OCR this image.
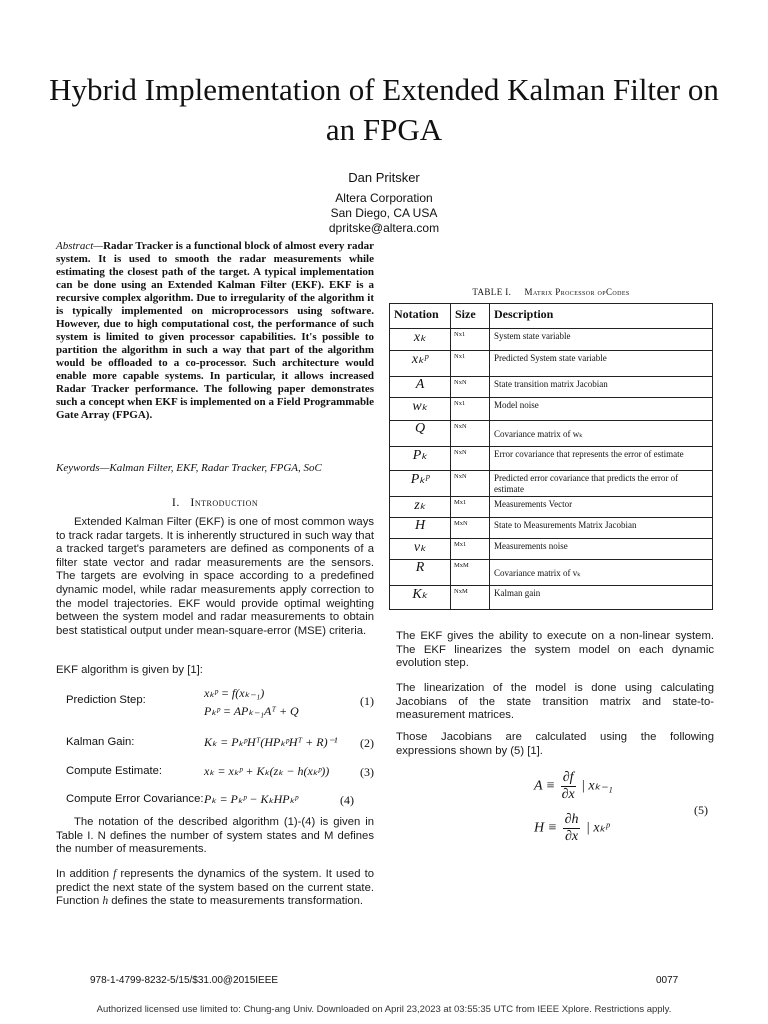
Hybrid Implementation of Extended Kalman Filter on an FPGA
Dan Pritsker
Altera Corporation
San Diego, CA USA
dpritske@altera.com
Abstract—Radar Tracker is a functional block of almost every radar system. It is used to smooth the radar measurements while estimating the closest path of the target. A typical implementation can be done using an Extended Kalman Filter (EKF). EKF is a recursive complex algorithm. Due to irregularity of the algorithm it is typically implemented on microprocessors using software. However, due to high computational cost, the performance of such system is limited to given processor capabilities. It's possible to partition the algorithm in such a way that part of the algorithm would be offloaded to a co-processor. Such architecture would enable more capable systems. In particular, it allows increased Radar Tracker performance. The following paper demonstrates such a concept when EKF is implemented on a Field Programmable Gate Array (FPGA).
Keywords—Kalman Filter, EKF, Radar Tracker, FPGA, SoC
I. Introduction
Extended Kalman Filter (EKF) is one of most common ways to track radar targets. It is inherently structured in such way that a tracked target's parameters are defined as components of a filter state vector and radar measurements are the sensors. The targets are evolving in space according to a predefined dynamic model, while radar measurements apply correction to the model trajectories. EKF would provide optimal weighting between the system model and radar measurements to obtain best statistical output under mean-square-error (MSE) criteria.
EKF algorithm is given by [1]:
Prediction Step:	xₖᵖ = f(xₖ₋₁)
Pₖᵖ = APₖ₋₁Aᵀ + Q
(1)
Kalman Gain:	Kₖ = PₖᵖHᵀ(HPₖᵖHᵀ + R)⁻¹ (2)
Compute Estimate:	xₖ = xₖᵖ + Kₖ(zₖ − h(xₖᵖ))	(3)
Compute Error Covariance: Pₖ = Pₖᵖ − KₖHPₖᵖ	(4)
The notation of the described algorithm (1)-(4) is given in Table I. N defines the number of system states and M defines the number of measurements.
In addition f represents the dynamics of the system. It used to predict the next state of the system based on the current state. Function h defines the state to measurements transformation.
TABLE I. Matrix Processor opCodes
Notation	Size	Description
xₖ	Nx1	System state variable
xₖᵖ	Nx1	Predicted System state variable
A	NxN	State transition matrix Jacobian
wₖ	Nx1	Model noise
Q	NxN	Covariance matrix of wₖ
Pₖ	NxN	Error covariance that represents the error of estimate
Pₖᵖ	NxN	Predicted error covariance that predicts the error of estimate
zₖ	Mx1	Measurements Vector
H	MxN	State to Measurements Matrix Jacobian
vₖ	Mx1	Measurements noise
R	MxM	Covariance matrix of vₖ
Kₖ	NxM	Kalman gain
The EKF gives the ability to execute on a non-linear system. The EKF linearizes the system model on each dynamic evolution step.
The linearization of the model is done using calculating Jacobians of the state transition matrix and state-to-measurement matrices.
Those Jacobians are calculated using the following expressions shown by (5) [1].
$A \equiv \frac{\partial f}{\partial x}$ | xₖ₋₁
$H \equiv \frac{\partial h}{\partial x}$ | xₖᵖ
(5)
978-1-4799-8232-5/15/$31.00@2015IEEE	0077
Authorized licensed use limited to: Chung-ang Univ. Downloaded on April 23,2023 at 03:55:35 UTC from IEEE Xplore. Restrictions apply.
